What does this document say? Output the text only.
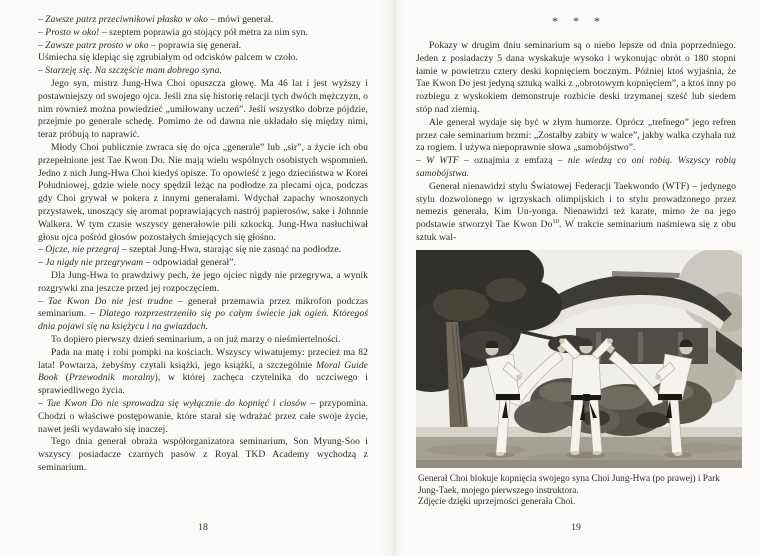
– Zawsze patrz przeciwnikowi płasko w oko – mówi generał.

– Prosto w oko! – szeptem poprawia go stojący pół metra za nim syn.

– Zawsze patrz prosto w oko – poprawia się generał.

Uśmiecha się klepiąc się zgrubiałym od odcisków palcem w czoło.

– Starzeję się. Na szczęście mam dobrego syna.

Jego syn, mistrz Jung-Hwa Choi opuszcza głowę. Ma 46 lat i jest wyższy i postawniejszy od swojego ojca. Jeśli zna się historię relacji tych dwóch mężczyzn, o nim również można powiedzieć „umiłowany uczeń”. Jeśli wszystko dobrze pójdzie, przejmie po generale schedę. Pomimo że od dawna nie układało się między nimi, teraz próbują to naprawić.

Młody Choi publicznie zwraca się do ojca „generale” lub „sir”, a życie ich obu przepełnione jest Tae Kwon Do. Nie mają wielu wspólnych osobistych wspomnień. Jedno z nich Jung-Hwa Choi kiedyś opisze. To opowieść z jego dzieciństwa w Korei Południowej, gdzie wiele nocy spędził leżąc na podłodze za plecami ojca, podczas gdy Choi grywał w pokera z innymi generałami. Wdychał zapachy wnoszonych przystawek, unoszący się aromat poprawiających nastrój papierosów, sake i Johnnie Walkera. W tym czasie wszyscy generałowie pili szkocką. Jung-Hwa nasłuchiwał głosu ojca pośród głosów pozostałych śmiejących się głośno.

– Ojcze, nie przegraj – szeptał Jung-Hwa, starając się nie zasnąć na podłodze.

– Ja nigdy nie przegrywam – odpowiadał generał”.

Dla Jung-Hwa to prawdziwy pech, że jego ojciec nigdy nie przegrywa, a wynik rozgrywki zna jeszcze przed jej rozpoczęciem.

– Tae Kwon Do nie jest trudne – generał przemawia przez mikrofon podczas seminarium. – Dlatego rozprzestrzeniło się po całym świecie jak ogień. Któregoś dnia pojawi się na księżycu i na gwiazdach.

To dopiero pierwszy dzień seminarium, a on już marzy o nieśmiertelności.

Pada na matę i robi pompki na kościach. Wszyscy wiwatujemy: przecież ma 82 lata! Powtarza, żebyśmy czytali książki, jego książki, a szczególnie Moral Guide Book (Przewodnik moralny), w której zachęca czytelnika do uczciwego i sprawiedliwego życia.

– Tae Kwon Do nie sprowadza się wyłącznie do kopnięć i ciosów – przypomina. Chodzi o właściwe postępowanie, które starał się wdrażać przez całe swoje życie, nawet jeśli wydawało się inaczej.

Tego dnia generał obraża współorganizatora seminarium, Son Myung-Soo i wszyscy posiadacze czarnych pasów z Royal TKD Academy wychodzą z seminarium.

18
* * *

Pokazy w drugim dniu seminarium są o niebo lepsze od dnia poprzedniego. Jeden z posiadaczy 5 dana wyskakuje wysoko i wykonując obrót o 180 stopni łamie w powietrzu cztery deski kopnięciem bocznym. Później ktoś wyjaśnia, że Tae Kwon Do jest jedyną sztuką walki z „obrotowym kopnięciem”, a ktoś inny po rozbiegu z wyskokiem demonstruje rozbicie deski trzymanej sześć lub siedem stóp nad ziemią.

Ale generał wydaje się być w złym humorze. Oprócz „trefnego” jego refren przez całe seminarium brzmi: „Zostałby zabity w walce”, jakby walka czyhała tuż za rogiem. I używa niepoprawnie słowa „samobójstwo”.

– W WTF – oznajmia z emfazą – nie wiedzą co oni robią. Wszyscy robią samobójstwa.

Generał nienawidzi stylu Światowej Federacji Taekwondo (WTF) – jedynego stylu dozwolonego w igrzyskach olimpijskich i to stylu prowadzonego przez nemezis generała, Kim Un-yonga. Nienawidzi też karate, mimo że na jego podstawie stworzył Tae Kwon Do$^{10}$. W trakcie seminarium naśmiewa się z obu sztuk wal-

Generał Choi blokuje kopnięcia swojego syna Choi Jung-Hwa (po prawej) i Park Jung-Taek, mojego pierwszego instruktora.

Zdjęcie dzięki uprzejmości generała Choi.

19
